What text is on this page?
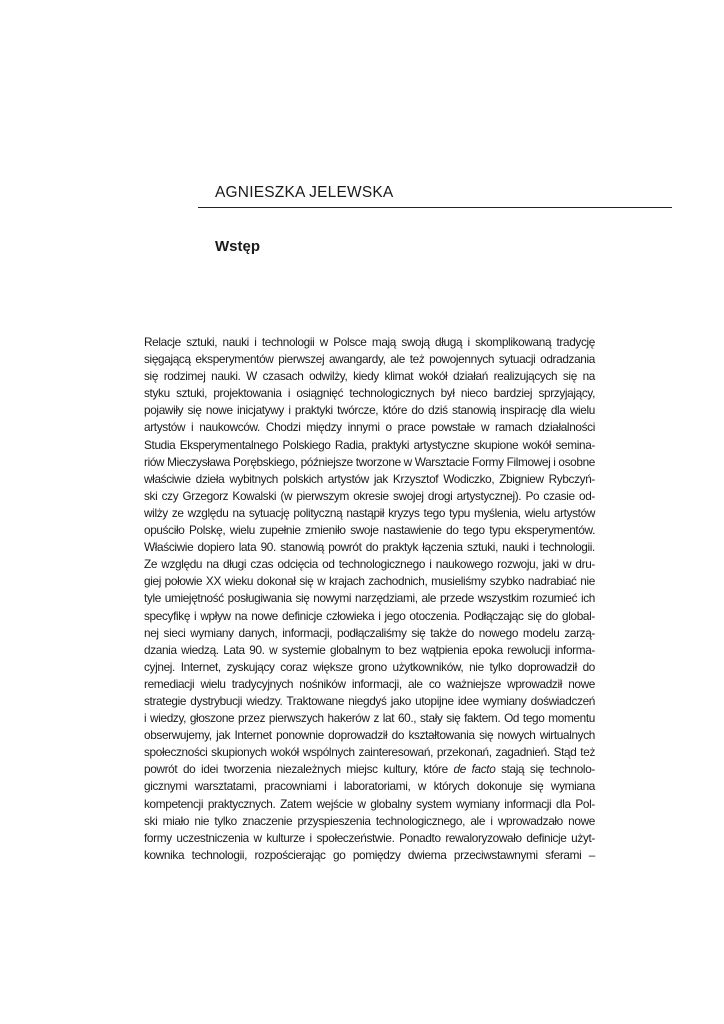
AGNIESZKA JELEWSKA
Wstęp
Relacje sztuki, nauki i technologii w Polsce mają swoją długą i skomplikowaną tradycję
sięgającą eksperymentów pierwszej awangardy, ale też powojennych sytuacji odradzania
się rodzimej nauki. W czasach odwilży, kiedy klimat wokół działań realizujących się na
styku sztuki, projektowania i osiągnięć technologicznych był nieco bardziej sprzyjający,
pojawiły się nowe inicjatywy i praktyki twórcze, które do dziś stanowią inspirację dla wielu
artystów i naukowców. Chodzi między innymi o prace powstałe w ramach działalności
Studia Eksperymentalnego Polskiego Radia, praktyki artystyczne skupione wokół semina-
riów Mieczysława Porębskiego, późniejsze tworzone w Warsztacie Formy Filmowej i osobne
właściwie dzieła wybitnych polskich artystów jak Krzysztof Wodiczko, Zbigniew Rybczyń-
ski czy Grzegorz Kowalski (w pierwszym okresie swojej drogi artystycznej). Po czasie od-
wilży ze względu na sytuację polityczną nastąpił kryzys tego typu myślenia, wielu artystów
opuściło Polskę, wielu zupełnie zmieniło swoje nastawienie do tego typu eksperymentów.
Właściwie dopiero lata 90. stanowią powrót do praktyk łączenia sztuki, nauki i technologii.
Ze względu na długi czas odcięcia od technologicznego i naukowego rozwoju, jaki w dru-
giej połowie XX wieku dokonał się w krajach zachodnich, musieliśmy szybko nadrabiać nie
tyle umiejętność posługiwania się nowymi narzędziami, ale przede wszystkim rozumieć ich
specyfikę i wpływ na nowe definicje człowieka i jego otoczenia. Podłączając się do global-
nej sieci wymiany danych, informacji, podłączaliśmy się także do nowego modelu zarzą-
dzania wiedzą. Lata 90. w systemie globalnym to bez wątpienia epoka rewolucji informa-
cyjnej. Internet, zyskujący coraz większe grono użytkowników, nie tylko doprowadził do
remediacji wielu tradycyjnych nośników informacji, ale co ważniejsze wprowadził nowe
strategie dystrybucji wiedzy. Traktowane niegdyś jako utopijne idee wymiany doświadczeń
i wiedzy, głoszone przez pierwszych hakerów z lat 60., stały się faktem. Od tego momentu
obserwujemy, jak Internet ponownie doprowadził do kształtowania się nowych wirtualnych
społeczności skupionych wokół wspólnych zainteresowań, przekonań, zagadnień. Stąd też
powrót do idei tworzenia niezależnych miejsc kultury, które de facto stają się technolo-
gicznymi warsztatami, pracowniami i laboratoriami, w których dokonuje się wymiana
kompetencji praktycznych. Zatem wejście w globalny system wymiany informacji dla Pol-
ski miało nie tylko znaczenie przyspieszenia technologicznego, ale i wprowadzało nowe
formy uczestniczenia w kulturze i społeczeństwie. Ponadto rewaloryzowało definicje użyt-
kownika technologii, rozpościerając go pomiędzy dwiema przeciwstawnymi sferami –
